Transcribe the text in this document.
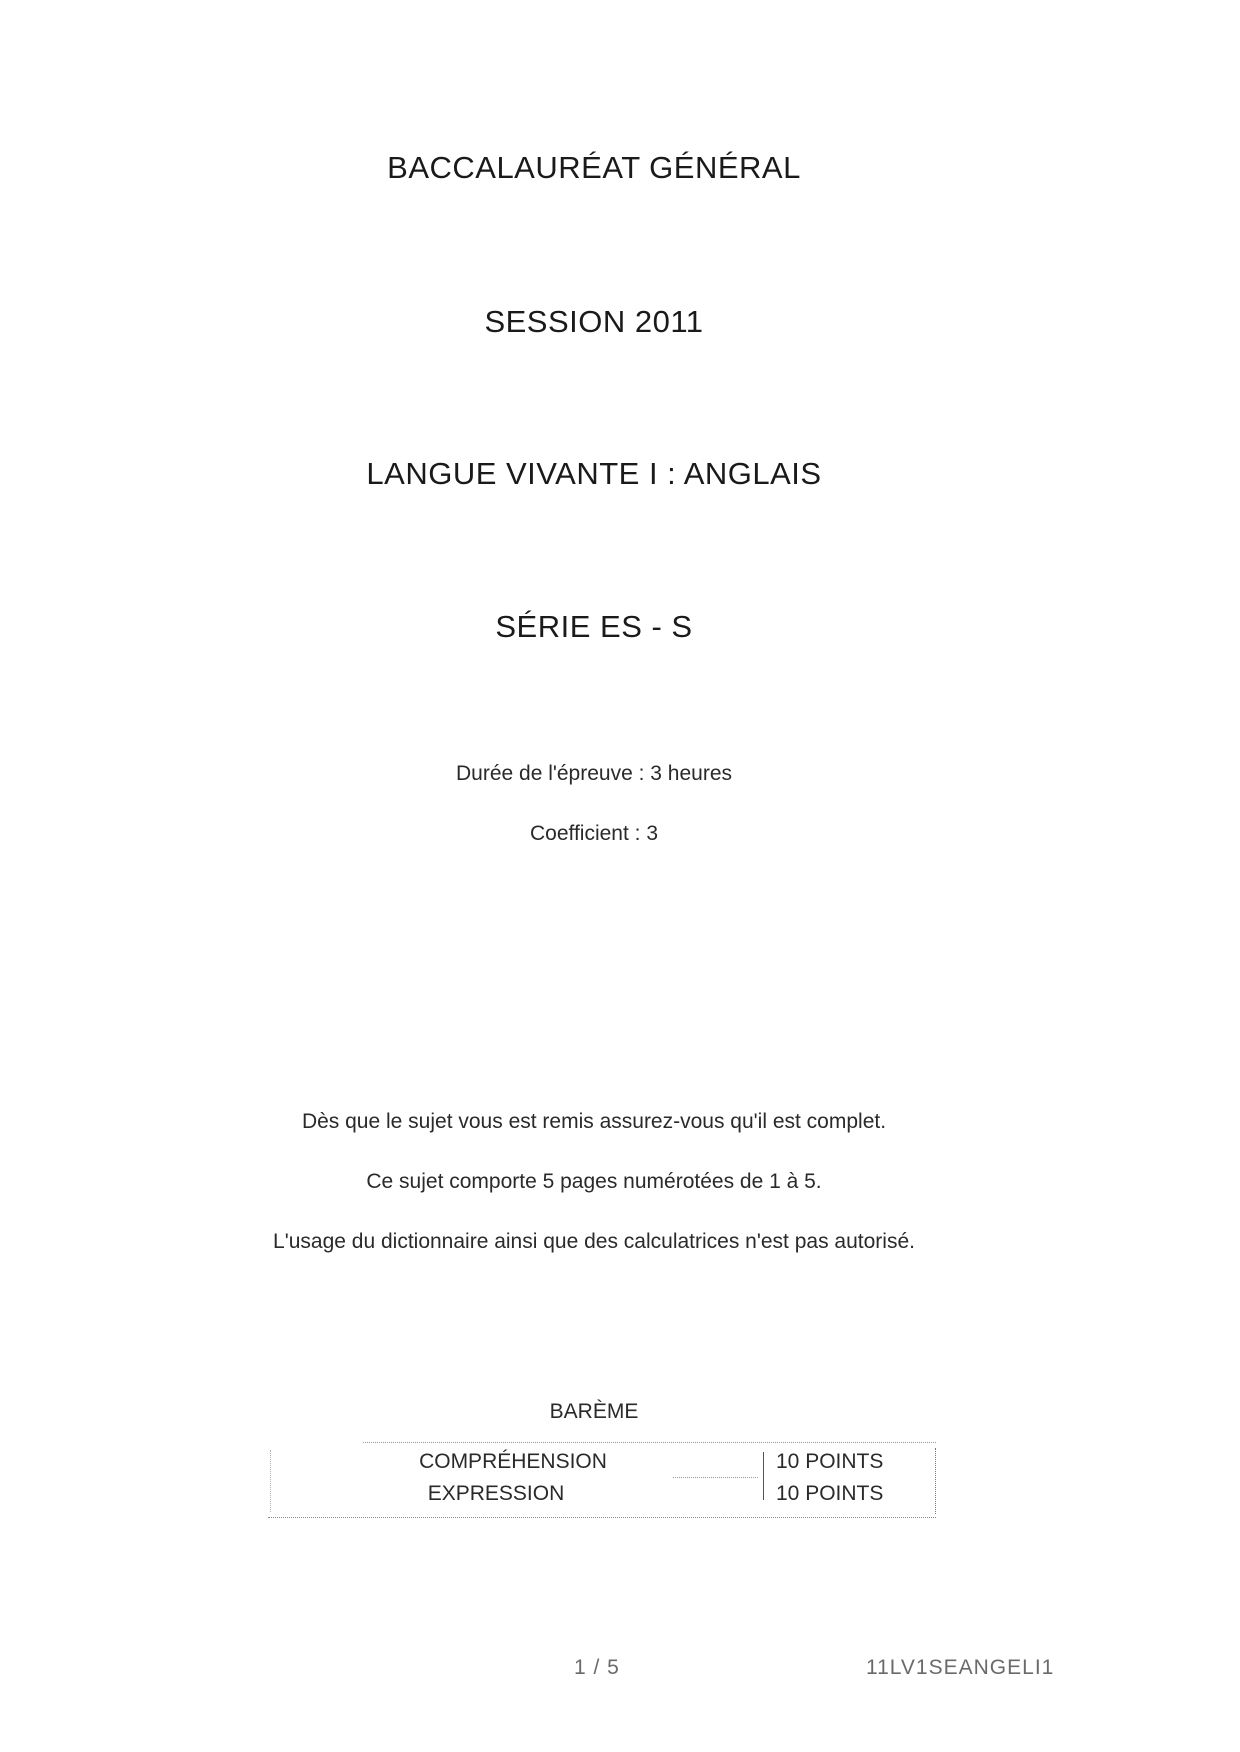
BACCALAURÉAT GÉNÉRAL
SESSION 2011
LANGUE VIVANTE I : ANGLAIS
SÉRIE ES - S
Durée de l'épreuve : 3 heures
Coefficient : 3
Dès que le sujet vous est remis assurez-vous qu'il est complet.
Ce sujet comporte 5 pages numérotées de 1 à 5.
L'usage du dictionnaire ainsi que des calculatrices n'est pas autorisé.
BARÈME
COMPRÉHENSION	10 POINTS
EXPRESSION	10 POINTS
1 / 5	11LV1SEANGELI1
